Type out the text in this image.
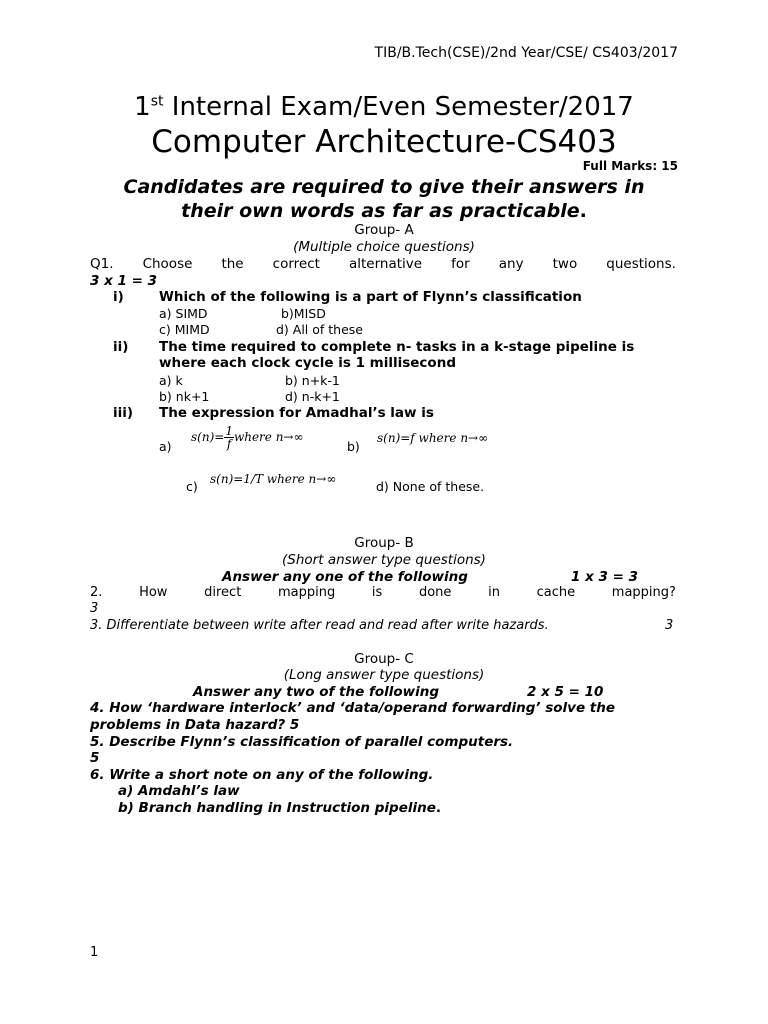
TIB/B.Tech(CSE)/2nd Year/CSE/ CS403/2017
1st Internal Exam/Even Semester/2017
Computer Architecture-CS403
Full Marks: 15
Candidates are required to give their answers in
their own words as far as practicable.
Group- A
(Multiple choice questions)
Q1. Choose the correct alternative for any two questions.
3 x 1 = 3
i)	Which of the following is a part of Flynn’s classification
a) SIMD	b)MISD
c) MIMD	d) All of these
ii) The time required to complete n- tasks in a k-stage pipeline is
where each clock cycle is 1 millisecond
a) k	b) n+k-1
b) nk+1	d) n-k+1
iii) The expression for Amadhal’s law is
a)
$s(n)= \frac{1}{f}$ where n→∞
b)
s(n)=f where n→∞
c) s(n)=1/T where n→∞	d) None of these.
Group- B
(Short answer type questions)
Answer any one of the following	1 x 3 = 3
2.	How	direct	mapping	is	done	in	cache	mapping?
3
3. Differentiate between write after read and read after write hazards.	3
Group- C
(Long answer type questions)
Answer any two of the following	2 x 5 = 10
4. How ‘hardware interlock’ and ‘data/operand forwarding’ solve the
problems in Data hazard? 5
5. Describe Flynn’s classification of parallel computers.
5
6. Write a short note on any of the following.
a) Amdahl’s law
b) Branch handling in Instruction pipeline.
1
